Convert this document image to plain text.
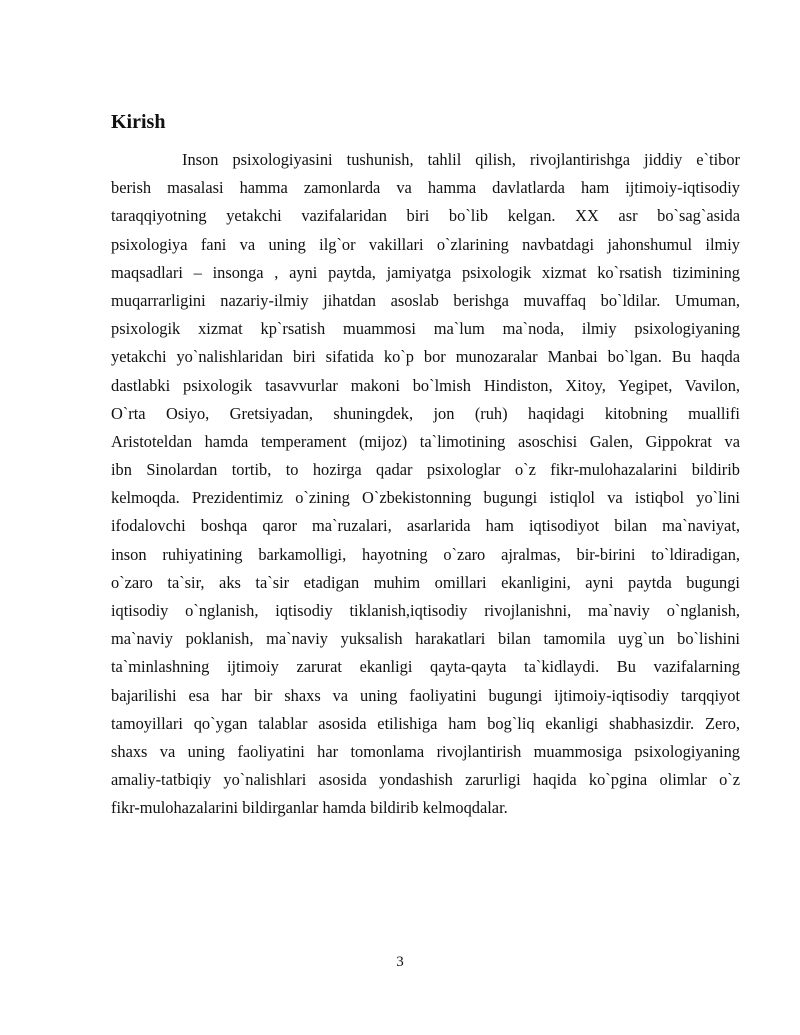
Kirish
Inson psixologiyasini tushunish, tahlil qilish, rivojlantirishga jiddiy e`tibor
berish masalasi hamma zamonlarda va hamma davlatlarda ham ijtimoiy-iqtisodiy
taraqqiyotning yetakchi vazifalaridan biri bo`lib kelgan. XX asr bo`sag`asida
psixologiya fani va uning ilg`or vakillari o`zlarining navbatdagi jahonshumul ilmiy
maqsadlari – insonga , ayni paytda, jamiyatga psixologik xizmat ko`rsatish tizimining
muqarrarligini nazariy-ilmiy jihatdan asoslab berishga muvaffaq bo`ldilar. Umuman,
psixologik xizmat kp`rsatish muammosi ma`lum ma`noda, ilmiy psixologiyaning
yetakchi yo`nalishlaridan biri sifatida ko`p bor munozaralar Manbai bo`lgan. Bu haqda
dastlabki psixologik tasavvurlar makoni bo`lmish Hindiston, Xitoy, Yegipet, Vavilon,
O`rta Osiyo, Gretsiyadan, shuningdek, jon (ruh) haqidagi kitobning muallifi
Aristoteldan hamda temperament (mijoz) ta`limotining asoschisi Galen, Gippokrat va
ibn Sinolardan tortib, to hozirga qadar psixologlar o`z fikr-mulohazalarini bildirib
kelmoqda. Prezidentimiz o`zining O`zbekistonning bugungi istiqlol va istiqbol yo`lini
ifodalovchi boshqa qaror ma`ruzalari, asarlarida ham iqtisodiyot bilan ma`naviyat,
inson ruhiyatining barkamolligi, hayotning o`zaro ajralmas, bir-birini to`ldiradigan,
o`zaro ta`sir, aks ta`sir etadigan muhim omillari ekanligini, ayni paytda bugungi
iqtisodiy o`nglanish, iqtisodiy tiklanish,iqtisodiy rivojlanishni, ma`naviy o`nglanish,
ma`naviy poklanish, ma`naviy yuksalish harakatlari bilan tamomila uyg`un bo`lishini
ta`minlashning ijtimoiy zarurat ekanligi qayta-qayta ta`kidlaydi. Bu vazifalarning
bajarilishi esa har bir shaxs va uning faoliyatini bugungi ijtimoiy-iqtisodiy tarqqiyot
tamoyillari qo`ygan talablar asosida etilishiga ham bog`liq ekanligi shabhasizdir. Zero,
shaxs va uning faoliyatini har tomonlama rivojlantirish muammosiga psixologiyaning
amaliy-tatbiqiy yo`nalishlari asosida yondashish zarurligi haqida ko`pgina olimlar o`z
fikr-mulohazalarini bildirganlar hamda bildirib kelmoqdalar.
3
